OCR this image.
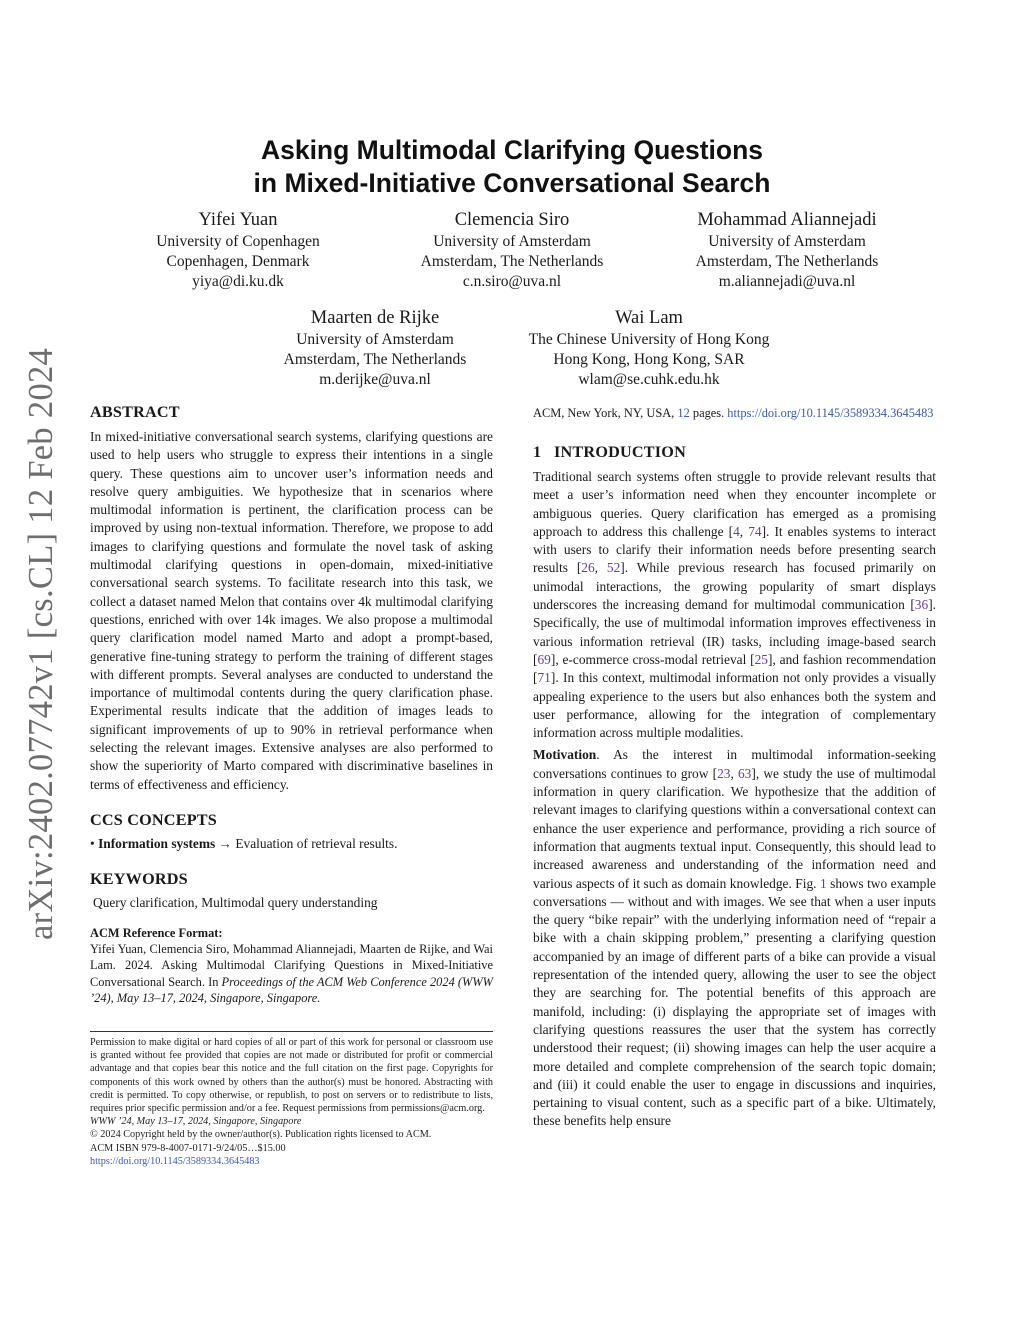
arXiv:2402.07742v1 [cs.CL] 12 Feb 2024
Asking Multimodal Clarifying Questions
in Mixed-Initiative Conversational Search
Yifei Yuan
University of Copenhagen
Copenhagen, Denmark
yiya@di.ku.dk
Clemencia Siro
University of Amsterdam
Amsterdam, The Netherlands
c.n.siro@uva.nl
Mohammad Aliannejadi
University of Amsterdam
Amsterdam, The Netherlands
m.aliannejadi@uva.nl
Maarten de Rijke
University of Amsterdam
Amsterdam, The Netherlands
m.derijke@uva.nl
Wai Lam
The Chinese University of Hong Kong
Hong Kong, Hong Kong, SAR
wlam@se.cuhk.edu.hk
ABSTRACT

In mixed-initiative conversational search systems, clarifying questions are used to help users who struggle to express their intentions in a single query. These questions aim to uncover user’s information needs and resolve query ambiguities. We hypothesize that in scenarios where multimodal information is pertinent, the clarification process can be improved by using non-textual information. Therefore, we propose to add images to clarifying questions and formulate the novel task of asking multimodal clarifying questions in open-domain, mixed-initiative conversational search systems. To facilitate research into this task, we collect a dataset named Melon that contains over 4k multimodal clarifying questions, enriched with over 14k images. We also propose a multimodal query clarification model named Marto and adopt a prompt-based, generative fine-tuning strategy to perform the training of different stages with different prompts. Several analyses are conducted to understand the importance of multimodal contents during the query clarification phase. Experimental results indicate that the addition of images leads to significant improvements of up to 90% in retrieval performance when selecting the relevant images. Extensive analyses are also performed to show the superiority of Marto compared with discriminative baselines in terms of effectiveness and efficiency.

CCS CONCEPTS

• Information systems → Evaluation of retrieval results.

KEYWORDS

Query clarification, Multimodal query understanding

ACM Reference Format:

Yifei Yuan, Clemencia Siro, Mohammad Aliannejadi, Maarten de Rijke, and Wai Lam. 2024. Asking Multimodal Clarifying Questions in Mixed-Initiative Conversational Search. In Proceedings of the ACM Web Conference 2024 (WWW ’24), May 13–17, 2024, Singapore, Singapore.

Permission to make digital or hard copies of all or part of this work for personal or classroom use is granted without fee provided that copies are not made or distributed for profit or commercial advantage and that copies bear this notice and the full citation on the first page. Copyrights for components of this work owned by others than the author(s) must be honored. Abstracting with credit is permitted. To copy otherwise, or republish, to post on servers or to redistribute to lists, requires prior specific permission and/or a fee. Request permissions from permissions@acm.org.

WWW ’24, May 13–17, 2024, Singapore, Singapore

© 2024 Copyright held by the owner/author(s). Publication rights licensed to ACM.

ACM ISBN 979-8-4007-0171-9/24/05…$15.00

https://doi.org/10.1145/3589334.3645483

ACM, New York, NY, USA, 12 pages. https://doi.org/10.1145/3589334.3645483

1 INTRODUCTION

Traditional search systems often struggle to provide relevant results that meet a user’s information need when they encounter incomplete or ambiguous queries. Query clarification has emerged as a promising approach to address this challenge [4, 74]. It enables systems to interact with users to clarify their information needs before presenting search results [26, 52]. While previous research has focused primarily on unimodal interactions, the growing popularity of smart displays underscores the increasing demand for multimodal communication [36]. Specifically, the use of multimodal information improves effectiveness in various information retrieval (IR) tasks, including image-based search [69], e-commerce cross-modal retrieval [25], and fashion recommendation [71]. In this context, multimodal information not only provides a visually appealing experience to the users but also enhances both the system and user performance, allowing for the integration of complementary information across multiple modalities.

Motivation. As the interest in multimodal information-seeking conversations continues to grow [23, 63], we study the use of multimodal information in query clarification. We hypothesize that the addition of relevant images to clarifying questions within a conversational context can enhance the user experience and performance, providing a rich source of information that augments textual input. Consequently, this should lead to increased awareness and understanding of the information need and various aspects of it such as domain knowledge. Fig. 1 shows two example conversations — without and with images. We see that when a user inputs the query “bike repair” with the underlying information need of “repair a bike with a chain skipping problem,” presenting a clarifying question accompanied by an image of different parts of a bike can provide a visual representation of the intended query, allowing the user to see the object they are searching for. The potential benefits of this approach are manifold, including: (i) displaying the appropriate set of images with clarifying questions reassures the user that the system has correctly understood their request; (ii) showing images can help the user acquire a more detailed and complete comprehension of the search topic domain; and (iii) it could enable the user to engage in discussions and inquiries, pertaining to visual content, such as a specific part of a bike. Ultimately, these benefits help ensure
